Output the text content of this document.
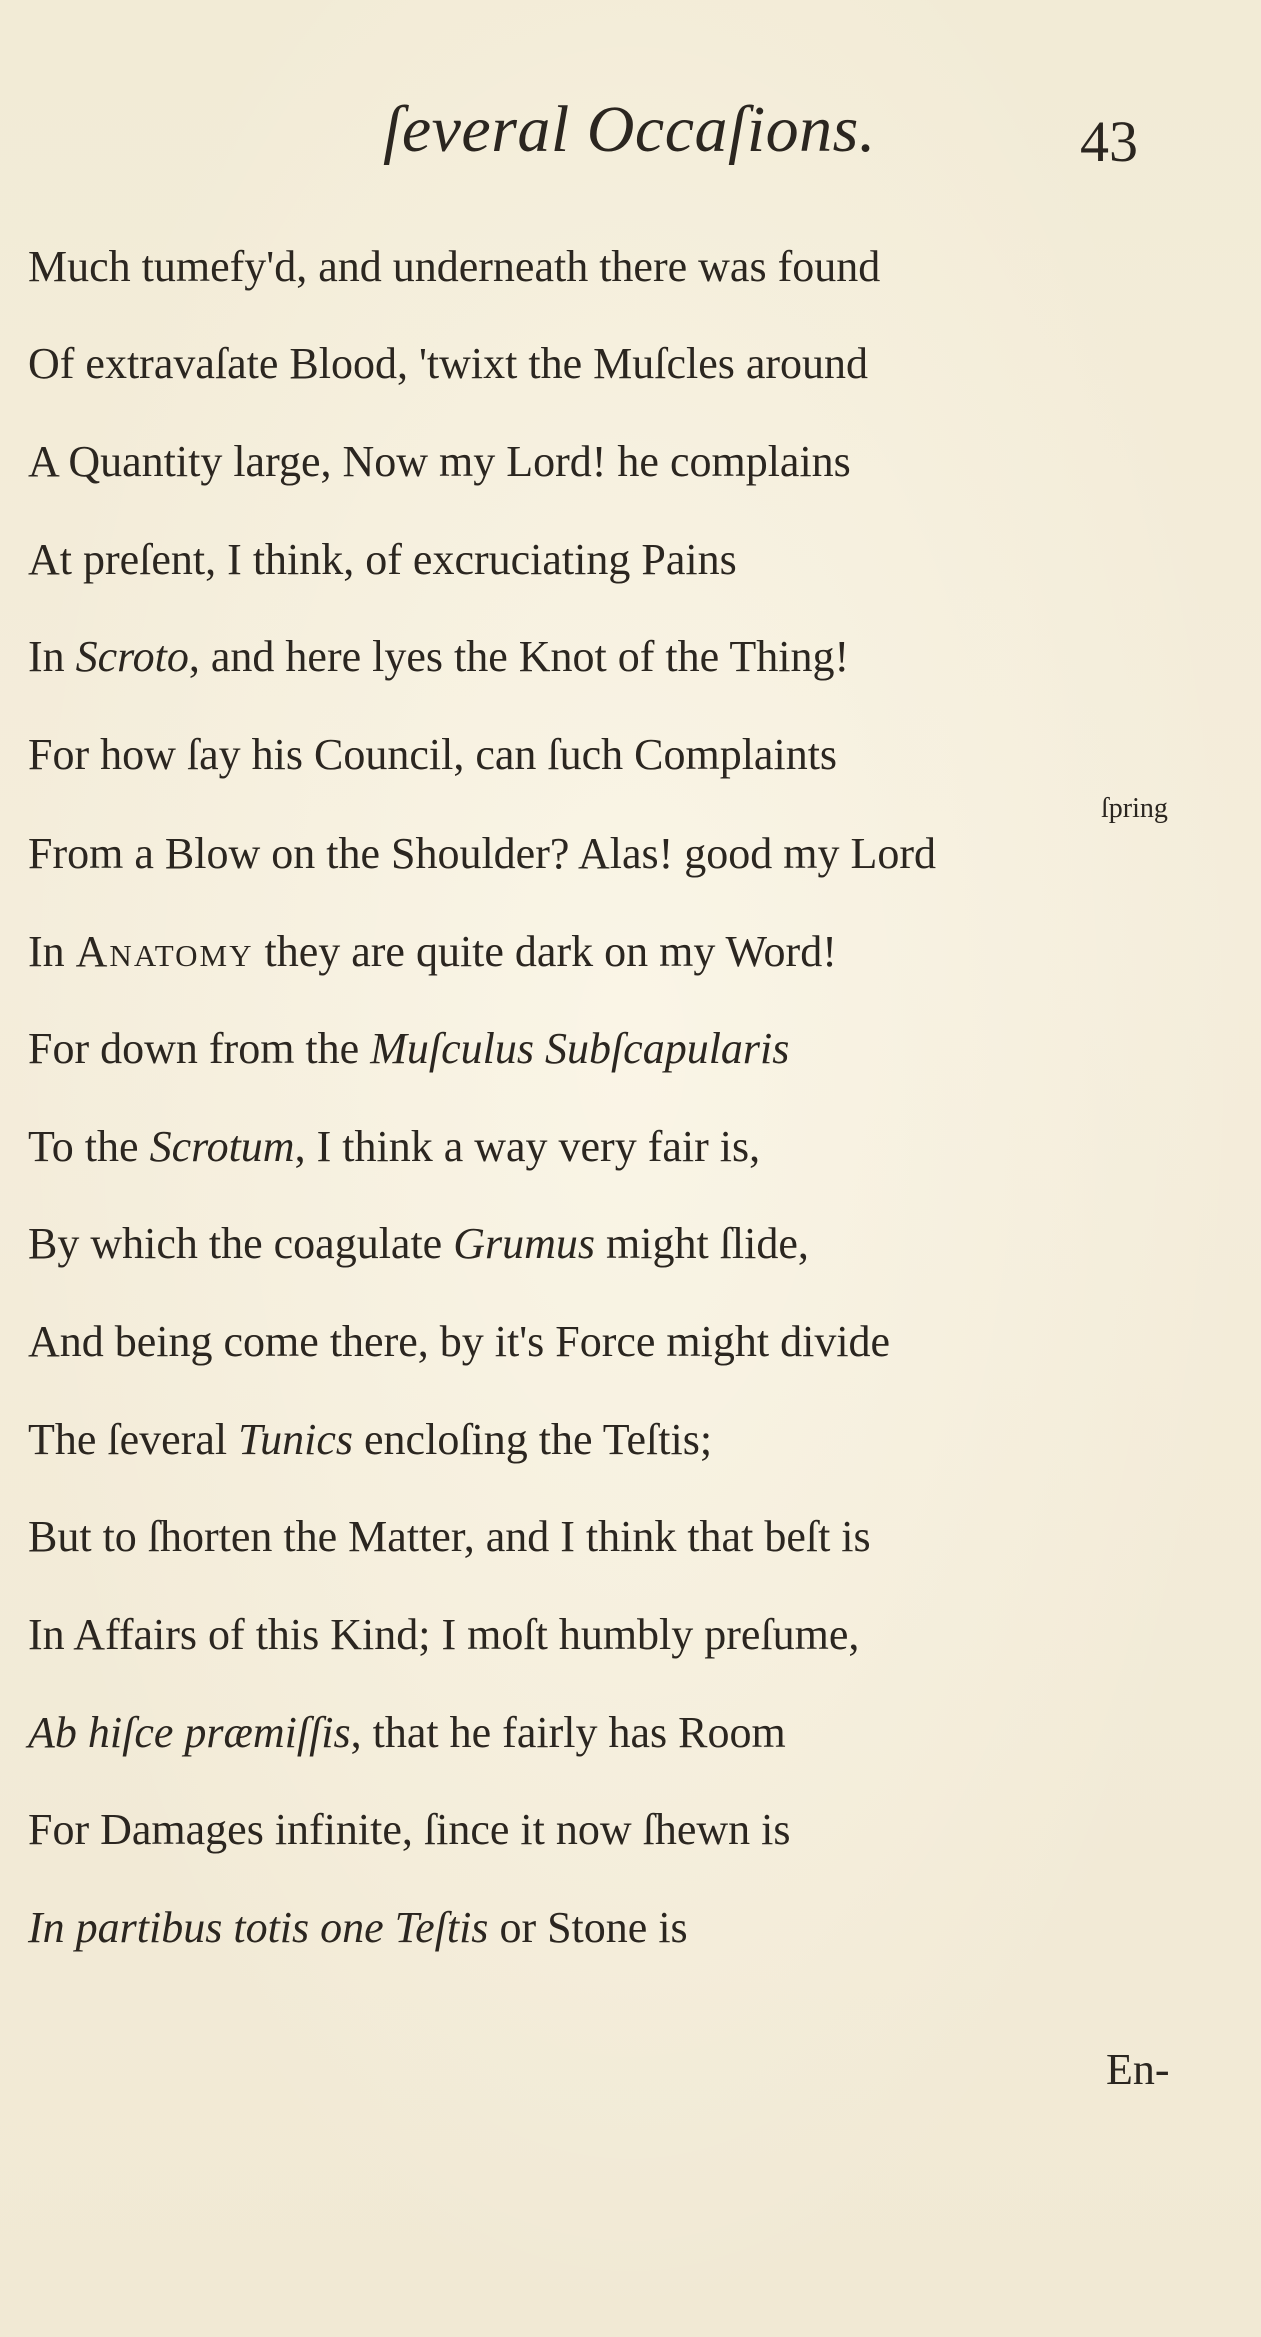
ſeveral Occaſions.	43
Much tumefy'd, and underneath there was found
Of extravaſate Blood, 'twixt the Muſcles around
A Quantity large, Now my Lord! he complains
At preſent, I think, of excruciating Pains
In Scroto, and here lyes the Knot of the Thing!
For how ſay his Council, can ſuch Complaints
From a Blow on the Shoulder? Alas! good my Lord
In Anatomy they are quite dark on my Word!
For down from the Muſculus Subſcapularis
To the Scrotum, I think a way very fair is,
By which the coagulate Grumus might ſlide,
And being come there, by it's Force might divide
The ſeveral Tunics encloſing the Teſtis;
But to ſhorten the Matter, and I think that beſt is
In Affairs of this Kind; I moſt humbly preſume,
Ab hiſce præmiſſis, that he fairly has Room
For Damages infinite, ſince it now ſhewn is
In partibus totis one Teſtis or Stone is
ſpring
En-
